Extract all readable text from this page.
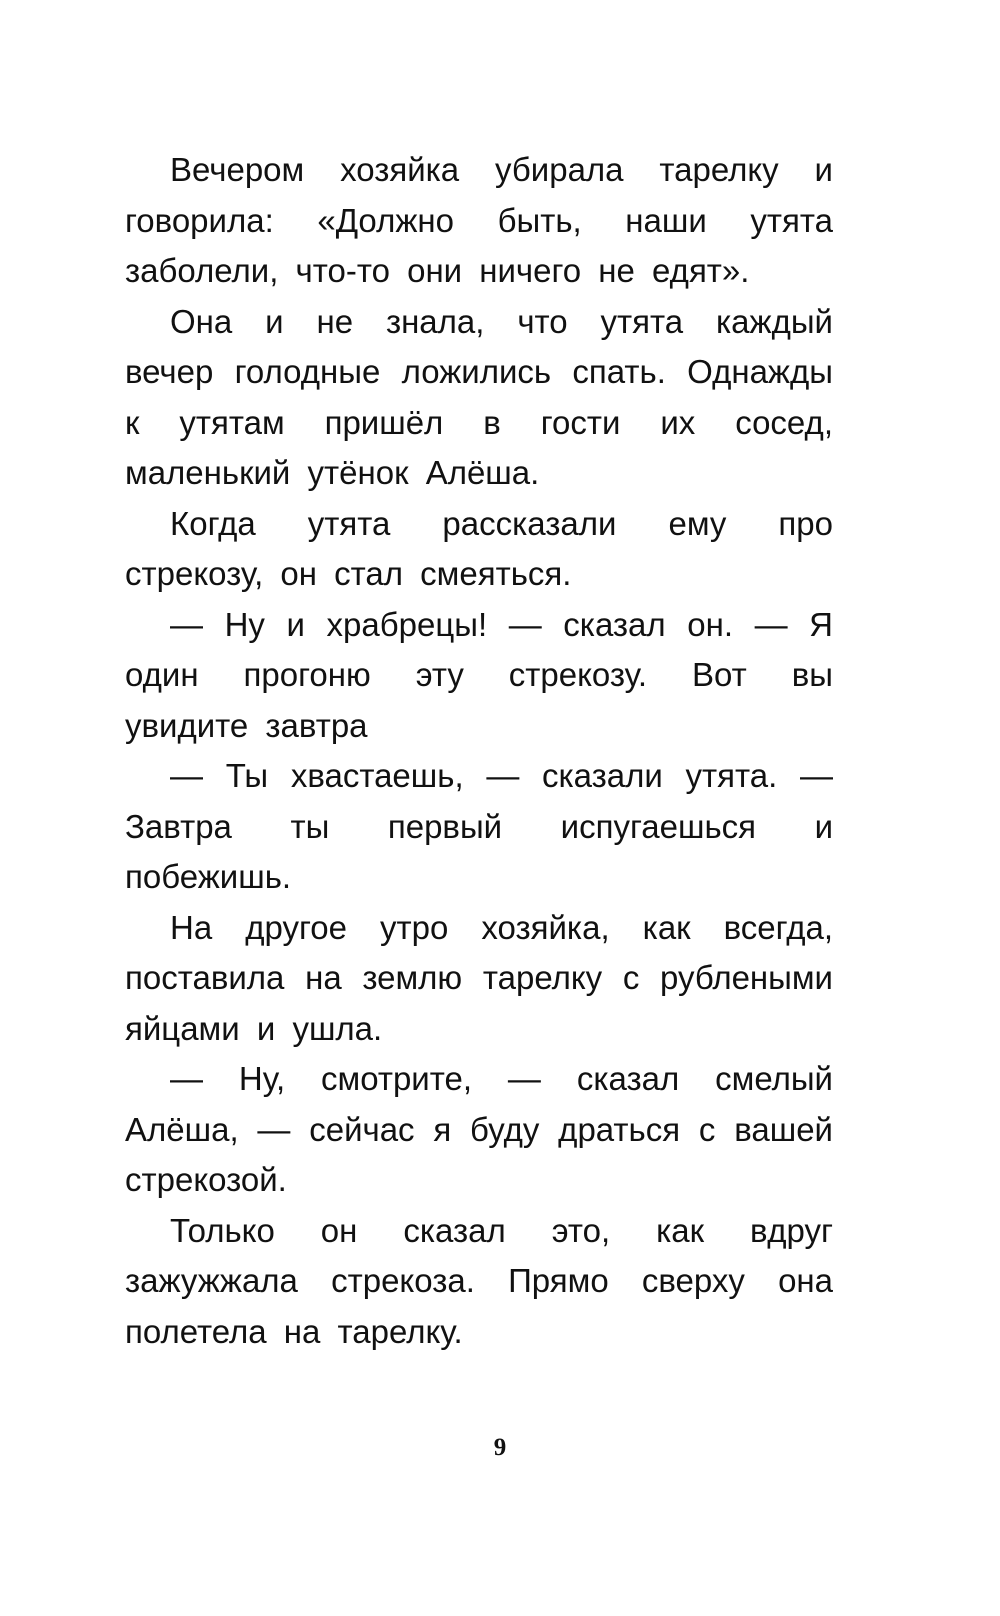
Вечером хозяйка убирала тарелку и говорила: «Должно быть, наши утята заболели, что-то они ничего не едят».

Она и не знала, что утята каждый вечер голодные ложились спать. Однажды к утятам пришёл в гости их сосед, маленький утёнок Алёша.

Когда утята рассказали ему про стрекозу, он стал смеяться.

— Ну и храбрецы! — сказал он. — Я один прогоню эту стрекозу. Вот вы увидите завтра

— Ты хвастаешь, — сказали утята. — Завтра ты первый испугаешься и побежишь.

На другое утро хозяйка, как всегда, поставила на землю тарелку с рублеными яйцами и ушла.

— Ну, смотрите, — сказал смелый Алёша, — сейчас я буду драться с вашей стрекозой.

Только он сказал это, как вдруг зажужжала стрекоза. Прямо сверху она полетела на тарелку.

9
